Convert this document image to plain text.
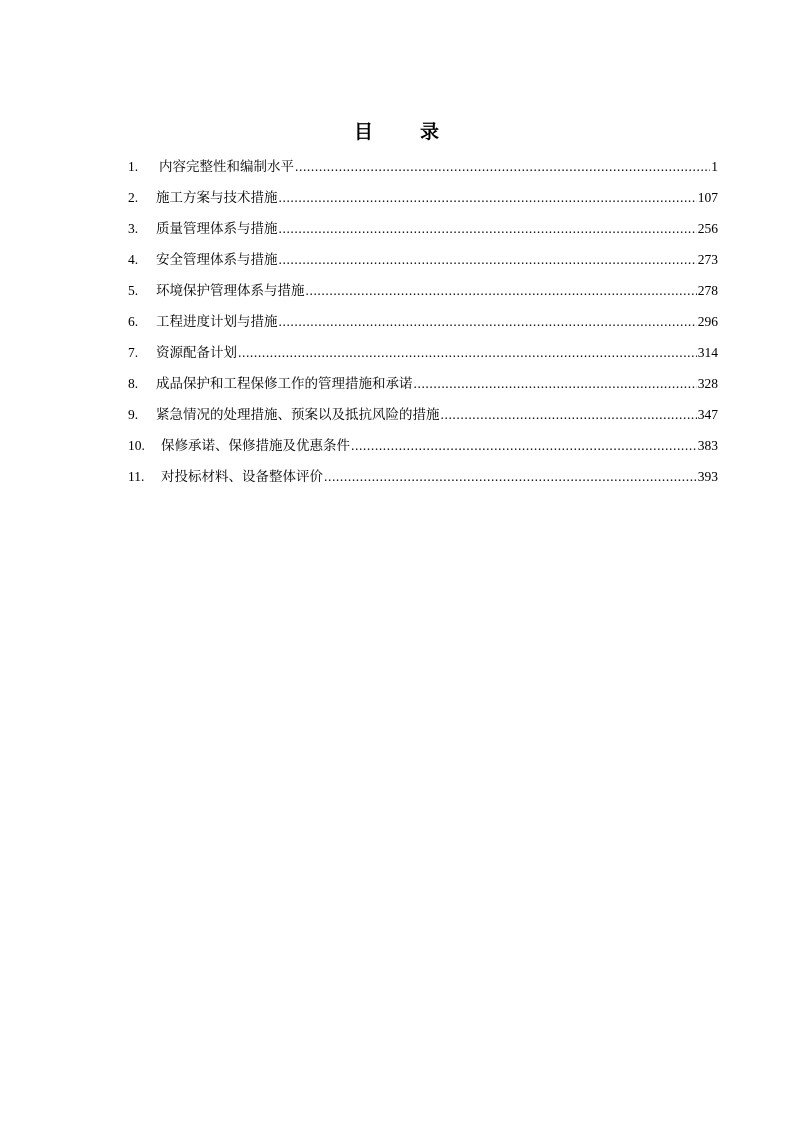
目　录
1.	内容完整性和编制水平 .....	1
2.	施工方案与技术措施 .....	107
3.	质量管理体系与措施 .....	256
4.	安全管理体系与措施 .....	273
5.	环境保护管理体系与措施 .....	278
6.	工程进度计划与措施 .....	296
7.	资源配备计划 .....	314
8.	成品保护和工程保修工作的管理措施和承诺 .....	328
9.	紧急情况的处理措施、预案以及抵抗风险的措施 .....	347
10.	保修承诺、保修措施及优惠条件 .....	383
11.	对投标材料、设备整体评价 .....	393
